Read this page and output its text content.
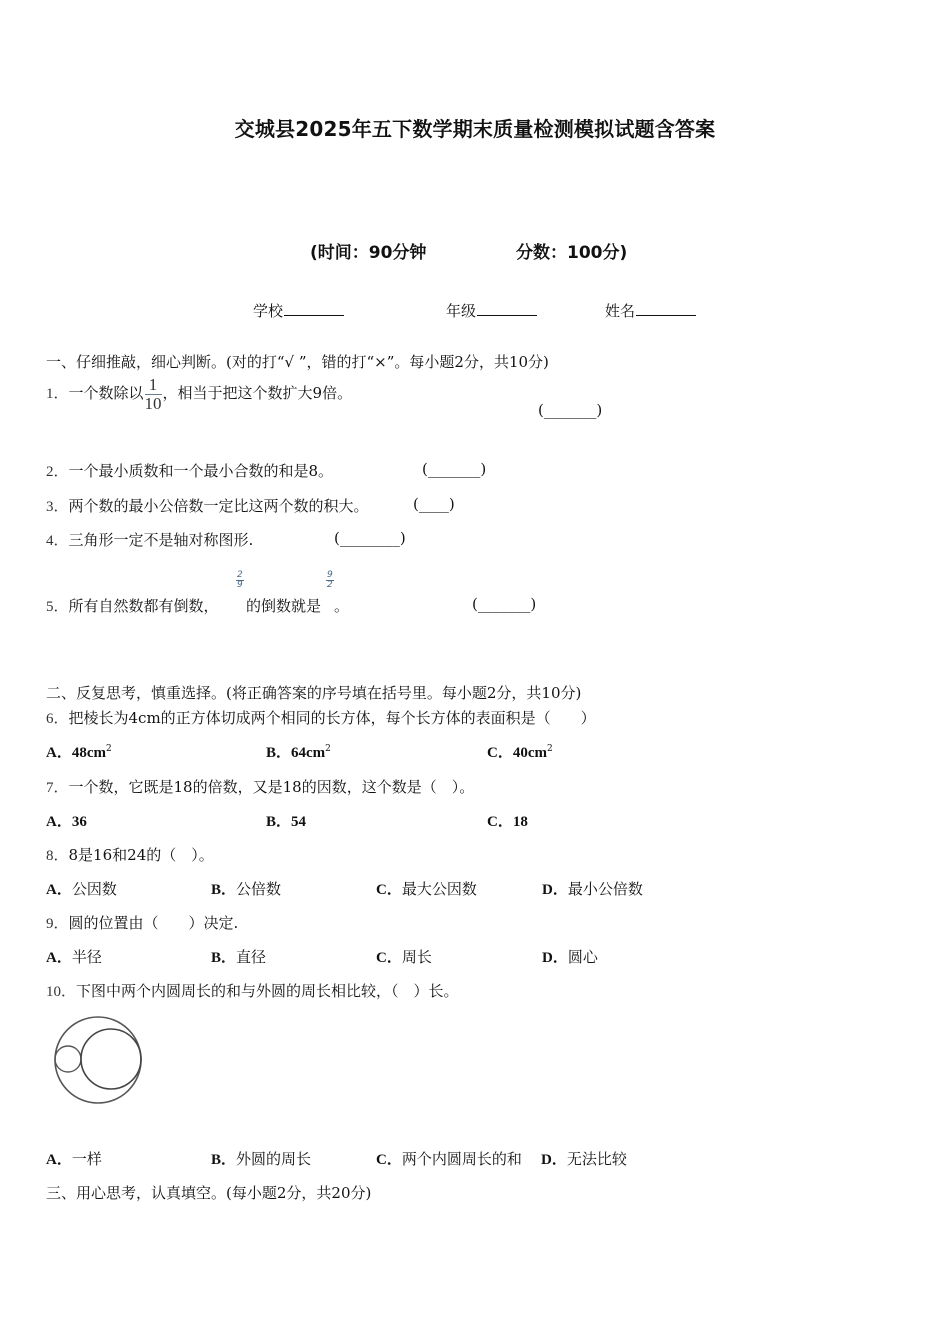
交城县2025年五下数学期末质量检测模拟试题含答案
(时间：90分钟	分数：100分)
学校	年级	姓名
一、仔细推敲，细心判断。(对的打“√ ”，错的打“×”。每小题2分，共10分)
1．一个数除以 $\frac{1}{10}$ ，相当于把这个数扩大9倍。
(_______)
2．一个最小质数和一个最小合数的和是8。	(_______)
3．两个数的最小公倍数一定比这两个数的积大。	(____)
4．三角形一定不是轴对称图形.	(________)
5．所有自然数都有倒数，
2
9
的倒数就是
9
2
。	(_______)
二、反复思考，慎重选择。(将正确答案的序号填在括号里。每小题2分，共10分)
6．把棱长为4cm的正方体切成两个相同的长方体，每个长方体的表面积是（　　）
A．$48cm^2$	B．$64cm^2$	C．$40cm^2$
7．一个数，它既是18的倍数，又是18的因数，这个数是（　）。
A．36	B．54	C．18
8．8是16和24的（　）。
A．公因数	B．公倍数	C．最大公因数	D．最小公倍数
9．圆的位置由（　　）决定.
A．半径	B．直径	C．周长	D．圆心
10．下图中两个内圆周长的和与外圆的周长相比较，（　）长。
A．一样	B．外圆的周长	C．两个内圆周长的和 D．无法比较
三、用心思考，认真填空。(每小题2分，共20分)
